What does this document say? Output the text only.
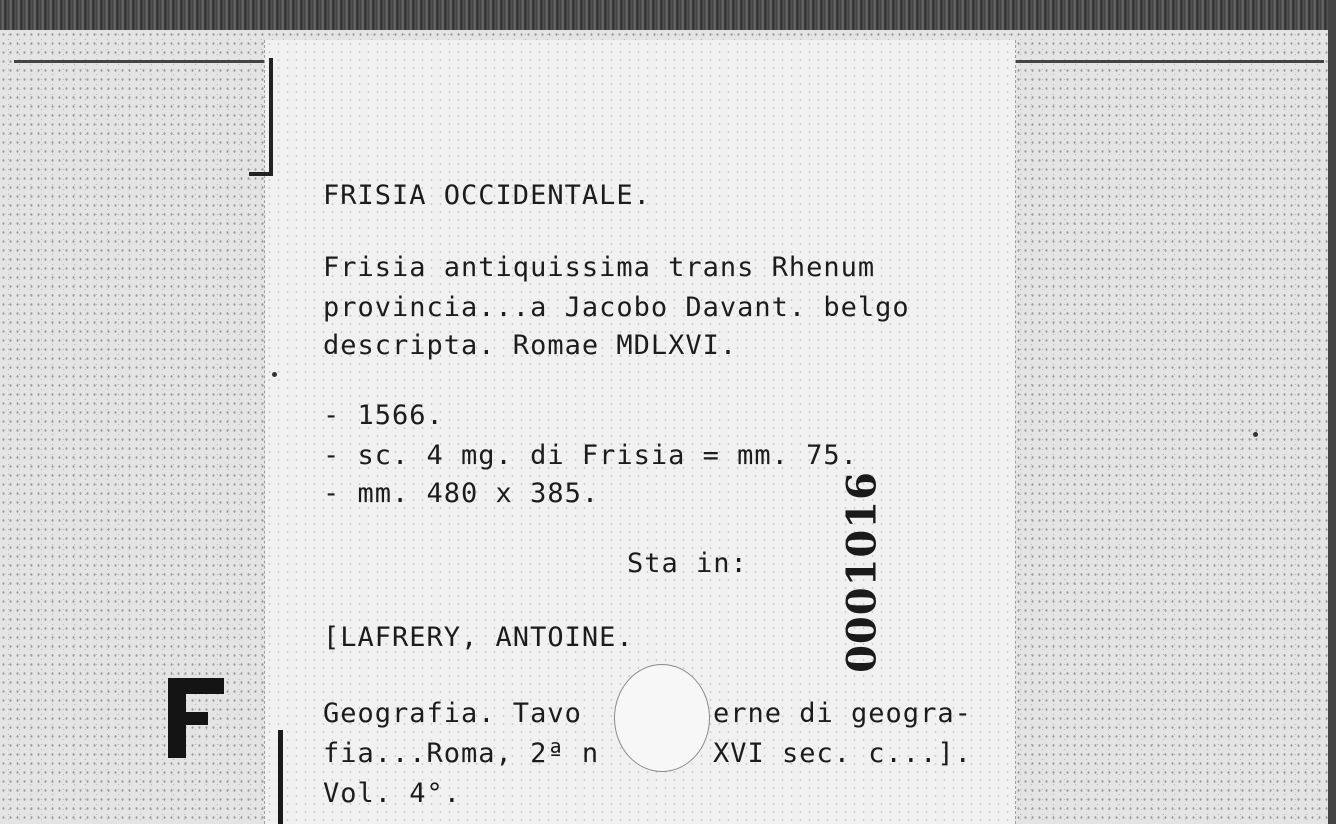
FRISIA OCCIDENTALE.

Frisia antiquissima trans Rhenum

provincia...a Jacobo Davant. belgo

descripta. Romae MDLXVI.

- 1566.

- sc. 4 mg. di Frisia = mm. 75.

- mm. 480 x 385.

Sta in:

[LAFRERY, ANTOINE.

Geografia. Tavo	erne di geogra-

fia...Roma, 2ª n	XVI sec. c...].

Vol. 4°.

0001016
